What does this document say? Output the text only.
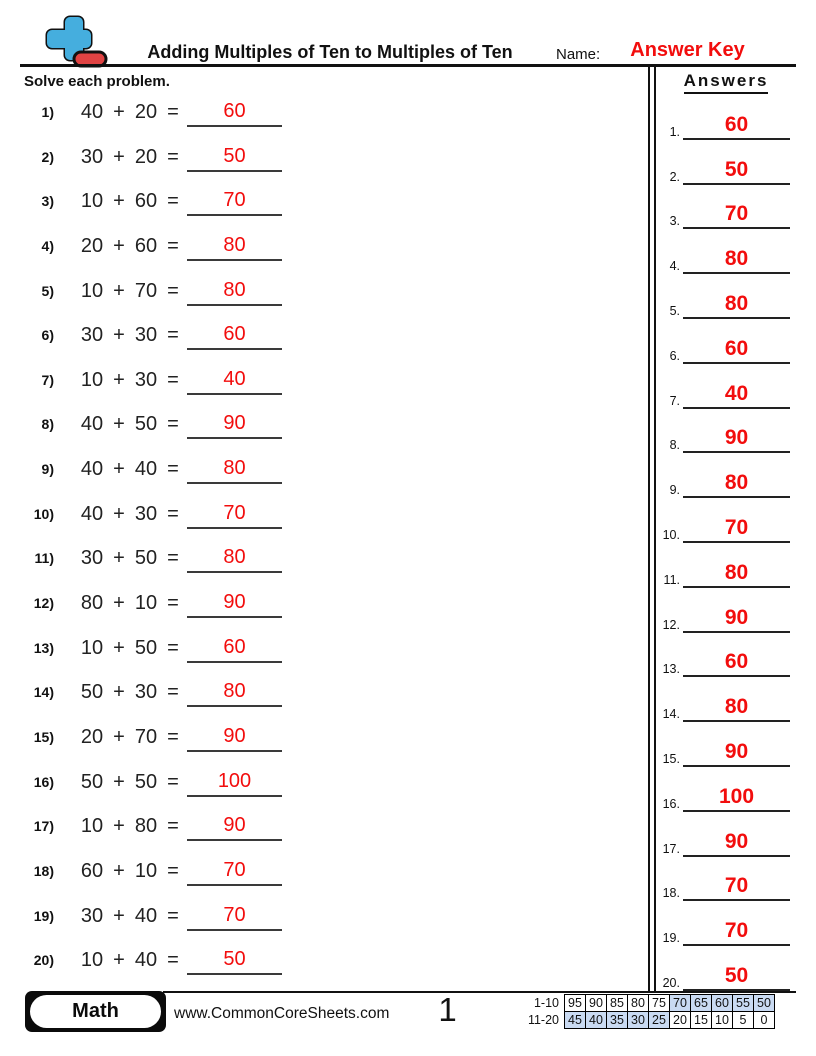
Adding Multiples of Ten to Multiples of Ten	Name:	Answer Key
Solve each problem.
1) 40 + 20 =	60
2) 30 + 20 =	50
3) 10 + 60 =	70
4) 20 + 60 =	80
5) 10 + 70 =	80
6) 30 + 30 =	60
7) 10 + 30 =	40
8) 40 + 50 =	90
9) 40 + 40 =	80
10) 40 + 30 =	70
11) 30 + 50 =	80
12) 80 + 10 =	90
13) 10 + 50 =	60
14) 50 + 30 =	80
15) 20 + 70 =	90
16) 50 + 50 =	100
17) 10 + 80 =	90
18) 60 + 10 =	70
19) 30 + 40 =	70
20) 10 + 40 =	50
Answers
1.	60
2.	50
3.	70
4.	80
5.	80
6.	60
7.	40
8.	90
9.	80
10.	70
11.	80
12.	90
13.	60
14.	80
15.	90
16.	100
17.	90
18.	70
19.	70
20.	50
Math	www.CommonCoreSheets.com	1	1-10 95 90 85 80 75 70 65 60 55 50
11-20 45 40 35 30 25 20 15 10 5	0
